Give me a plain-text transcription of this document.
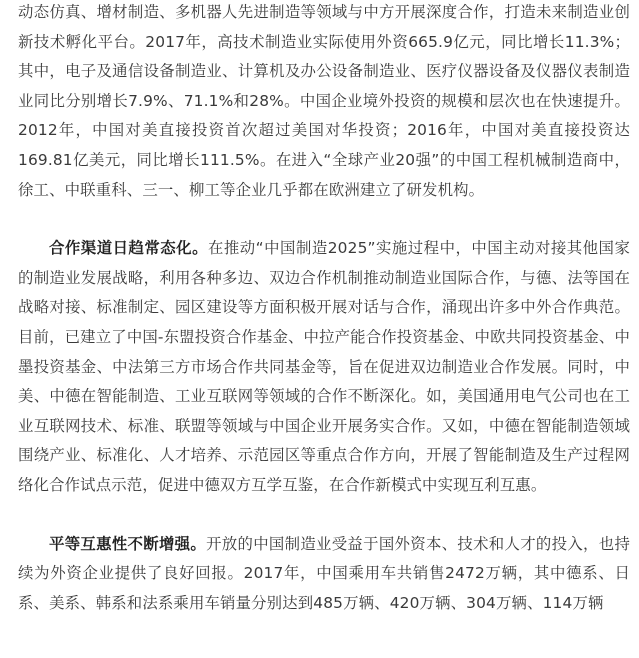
动态仿真、增材制造、多机器人先进制造等领域与中方开展深度合作，打造未来制造业创新技术孵化平台。2017年，高技术制造业实际使用外资665.9亿元，同比增长11.3%；其中，电子及通信设备制造业、计算机及办公设备制造业、医疗仪器设备及仪器仪表制造业同比分别增长7.9%、71.1%和28%。中国企业境外投资的规模和层次也在快速提升。2012年，中国对美直接投资首次超过美国对华投资；2016年，中国对美直接投资达169.81亿美元，同比增长111.5%。在进入“全球产业20强”的中国工程机械制造商中，徐工、中联重科、三一、柳工等企业几乎都在欧洲建立了研发机构。

合作渠道日趋常态化。在推动“中国制造2025”实施过程中，中国主动对接其他国家的制造业发展战略，利用各种多边、双边合作机制推动制造业国际合作，与德、法等国在战略对接、标准制定、园区建设等方面积极开展对话与合作，涌现出许多中外合作典范。目前，已建立了中国-东盟投资合作基金、中拉产能合作投资基金、中欧共同投资基金、中墨投资基金、中法第三方市场合作共同基金等，旨在促进双边制造业合作发展。同时，中美、中德在智能制造、工业互联网等领域的合作不断深化。如，美国通用电气公司也在工业互联网技术、标准、联盟等领域与中国企业开展务实合作。又如，中德在智能制造领域围绕产业、标准化、人才培养、示范园区等重点合作方向，开展了智能制造及生产过程网络化合作试点示范，促进中德双方互学互鉴，在合作新模式中实现互利互惠。

平等互惠性不断增强。开放的中国制造业受益于国外资本、技术和人才的投入，也持续为外资企业提供了良好回报。2017年，中国乘用车共销售2472万辆，其中德系、日系、美系、韩系和法系乘用车销量分别达到485万辆、420万辆、304万辆、114万辆
